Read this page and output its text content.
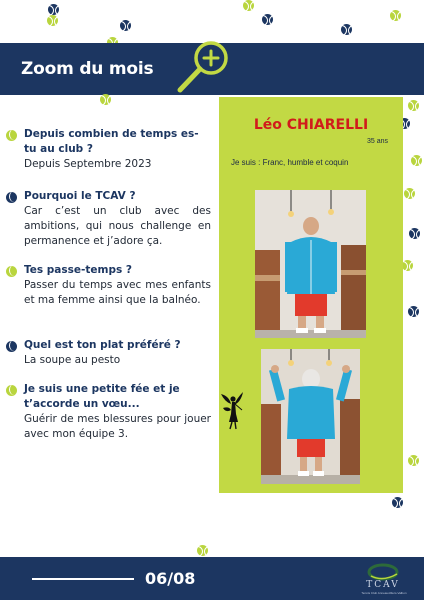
Zoom du mois
Léo CHIARELLI
35 ans
Je suis : Franc, humble et coquin
Depuis combien de temps es-tu au club ?
Depuis Septembre 2023
Pourquoi le TCAV ?
Car c’est un club avec des ambitions, qui nous challenge en permanence et j’adore ça.
Tes passe-temps ?
Passer du temps avec mes enfants et ma femme ainsi que la balnéo.
Quel est ton plat préféré ?
La soupe au pesto
Je suis une petite fée et je t’accorde un vœu...
Guérir de mes blessures pour jouer avec mon équipe 3.
06/08	TCAV
Tennis Club Anneauvilliers-Valbon
